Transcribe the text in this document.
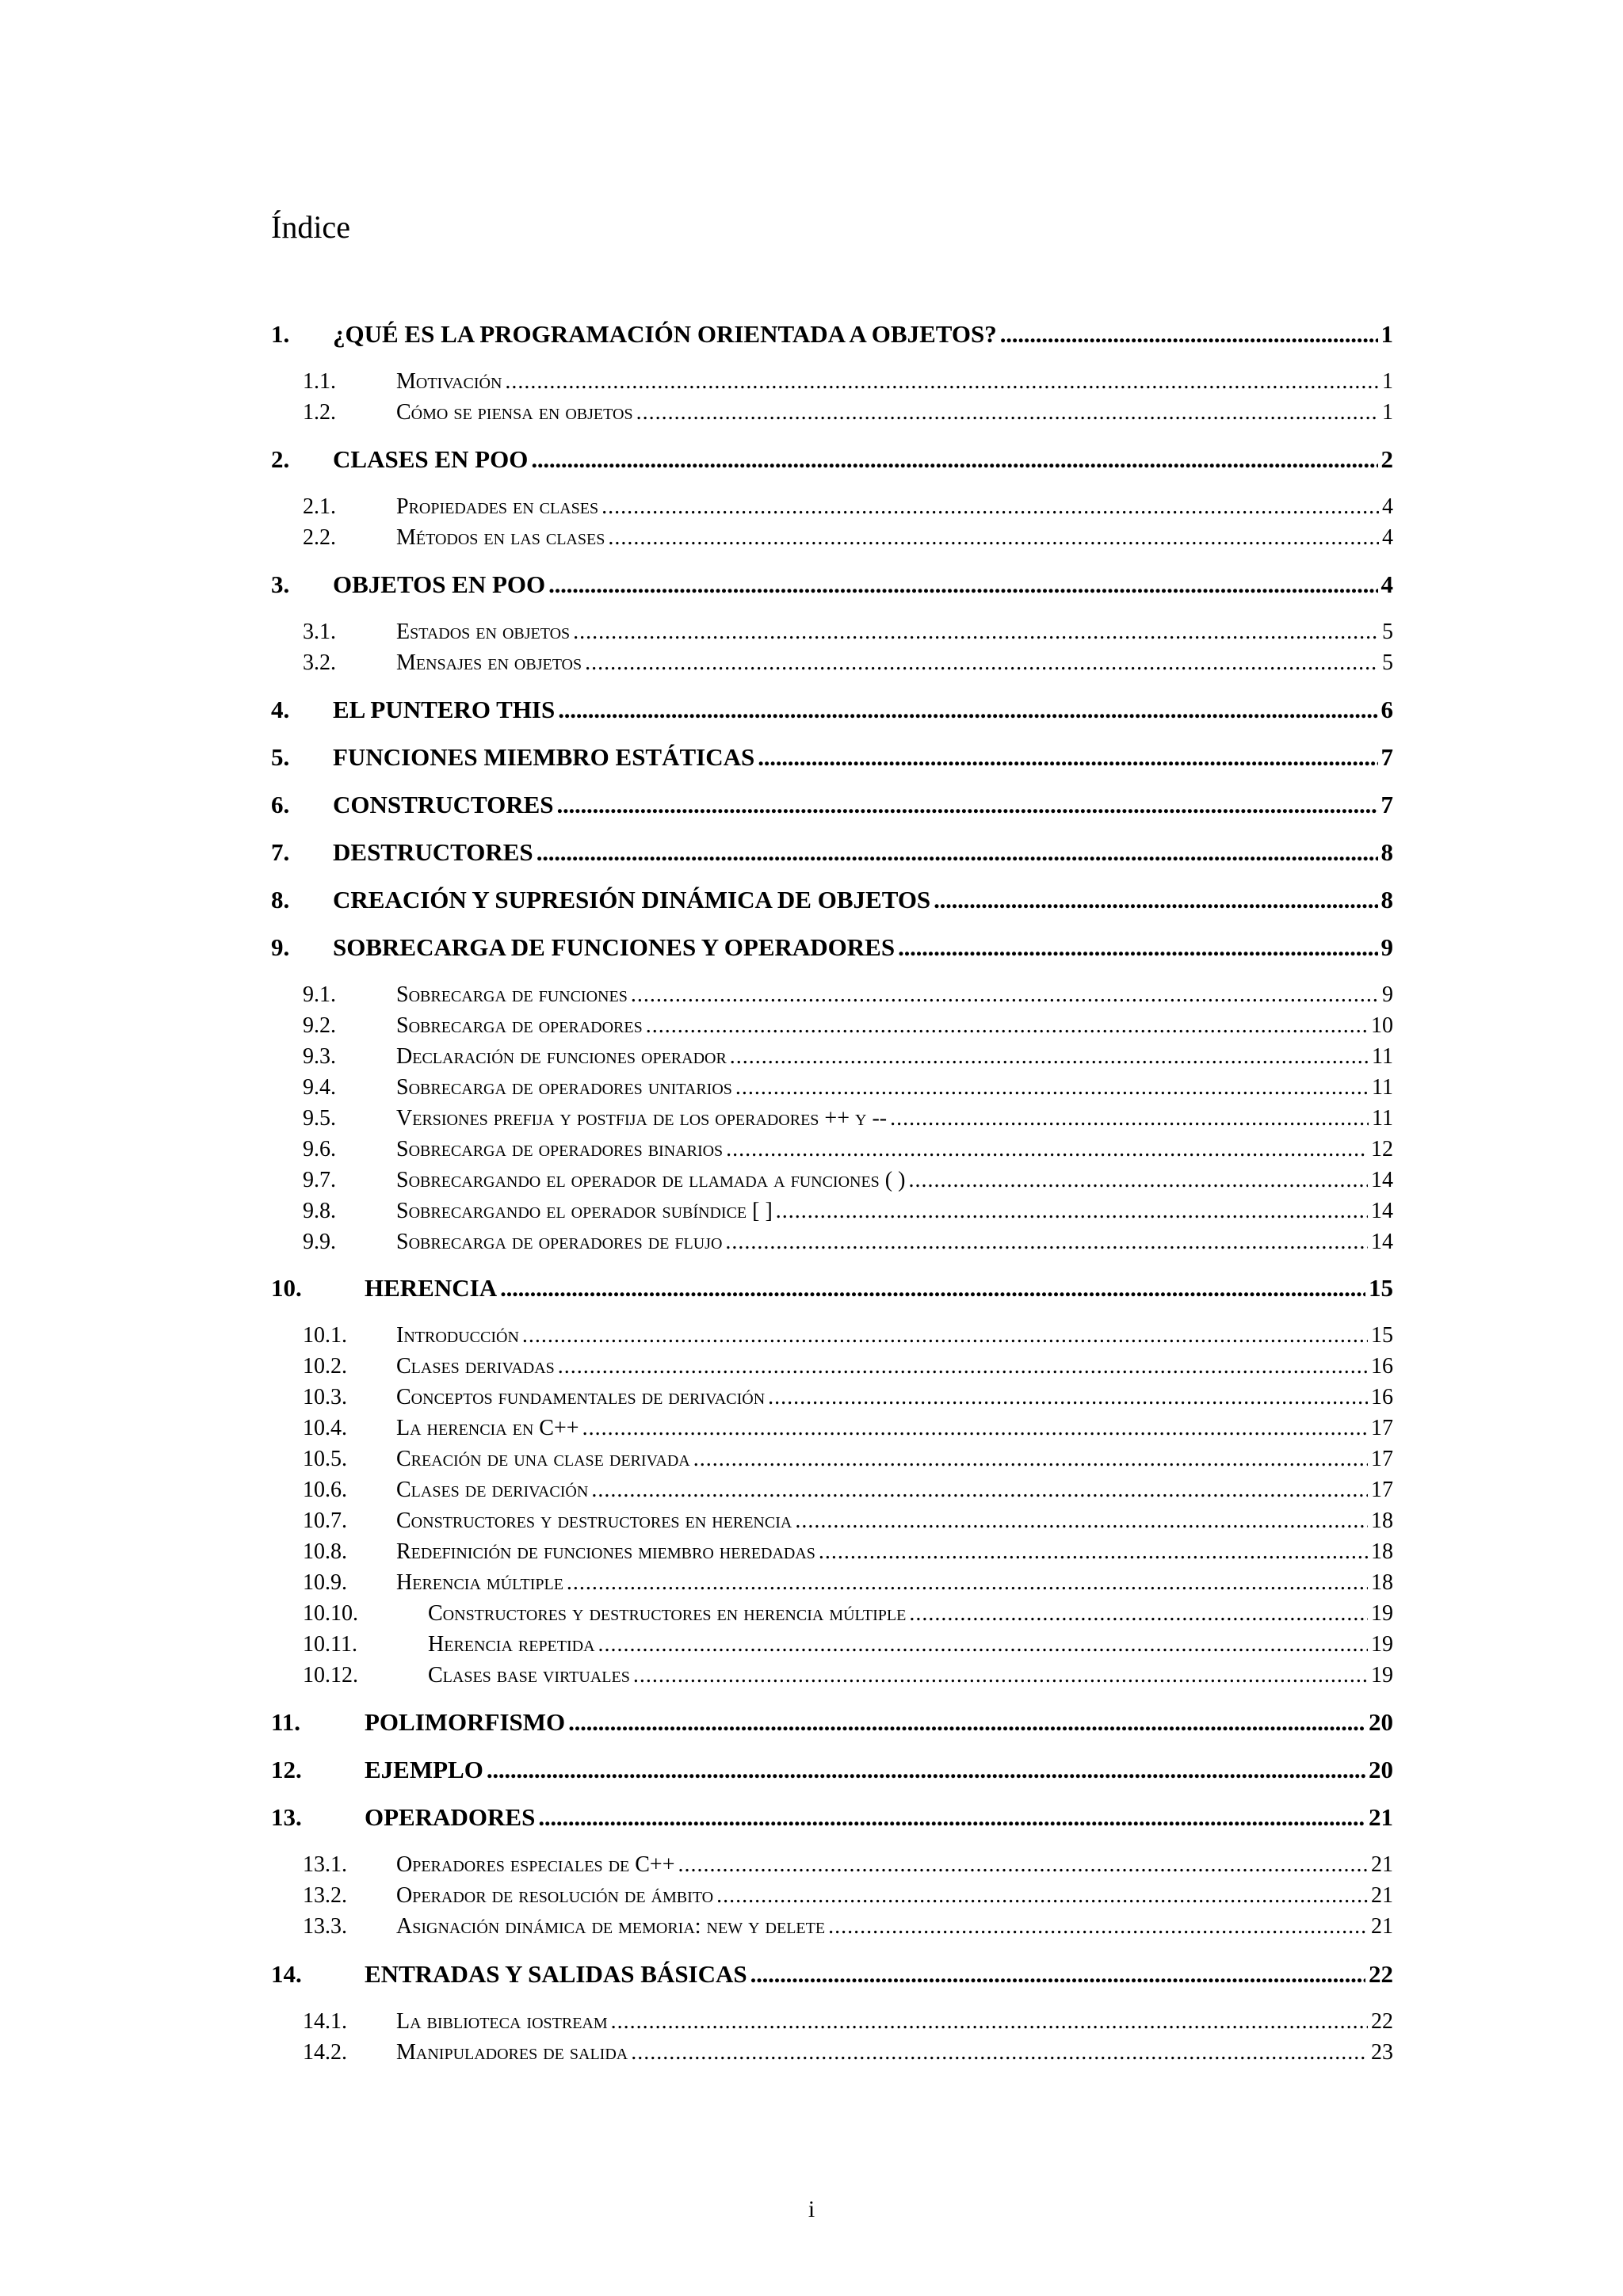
Índice
1.	¿QUÉ ES LA PROGRAMACIÓN ORIENTADA A OBJETOS? . . .	1
1.1.	Motivación . . .	1
1.2.	Cómo se piensa en objetos . . .	1
2.	CLASES EN POO . . .	2
2.1.	Propiedades en clases . . .	4
2.2.	Métodos en las clases . . .	4
3.	OBJETOS EN POO . . .	4
3.1.	Estados en objetos . . .	5
3.2.	Mensajes en objetos . . .	5
4.	EL PUNTERO THIS . . .	6
5.	FUNCIONES MIEMBRO ESTÁTICAS . . .	7
6.	CONSTRUCTORES . . .	7
7.	DESTRUCTORES . . .	8
8.	CREACIÓN Y SUPRESIÓN DINÁMICA DE OBJETOS . . .	8
9.	SOBRECARGA DE FUNCIONES Y OPERADORES . . .	9
9.1.	Sobrecarga de funciones . . .	9
9.2.	Sobrecarga de operadores . . .	10
9.3.	Declaración de funciones operador . . .	11
9.4.	Sobrecarga de operadores unitarios . . .	11
9.5.	Versiones prefija y postfija de los operadores ++ y -- . . .	11
9.6.	Sobrecarga de operadores binarios . . .	12
9.7.	Sobrecargando el operador de llamada a funciones ( ) . . .	14
9.8.	Sobrecargando el operador subíndice [ ] . . .	14
9.9.	Sobrecarga de operadores de flujo . . .	14
10.	HERENCIA . . .	15
10.1.	Introducción . . .	15
10.2.	Clases derivadas . . .	16
10.3.	Conceptos fundamentales de derivación . . .	16
10.4.	La herencia en C++ . . .	17
10.5.	Creación de una clase derivada . . .	17
10.6.	Clases de derivación . . .	17
10.7.	Constructores y destructores en herencia . . .	18
10.8.	Redefinición de funciones miembro heredadas . . .	18
10.9.	Herencia múltiple . . .	18
10.10.	Constructores y destructores en herencia múltiple . . .	19
10.11.	Herencia repetida . . .	19
10.12.	Clases base virtuales . . .	19
11.	POLIMORFISMO . . .	20
12.	EJEMPLO . . .	20
13.	OPERADORES . . .	21
13.1.	Operadores especiales de C++ . . .	21
13.2.	Operador de resolución de ámbito . . .	21
13.3.	Asignación dinámica de memoria: new y delete . . .	21
14.	ENTRADAS Y SALIDAS BÁSICAS . . .	22
14.1.	La biblioteca iostream . . .	22
14.2.	Manipuladores de salida . . .	23
i
